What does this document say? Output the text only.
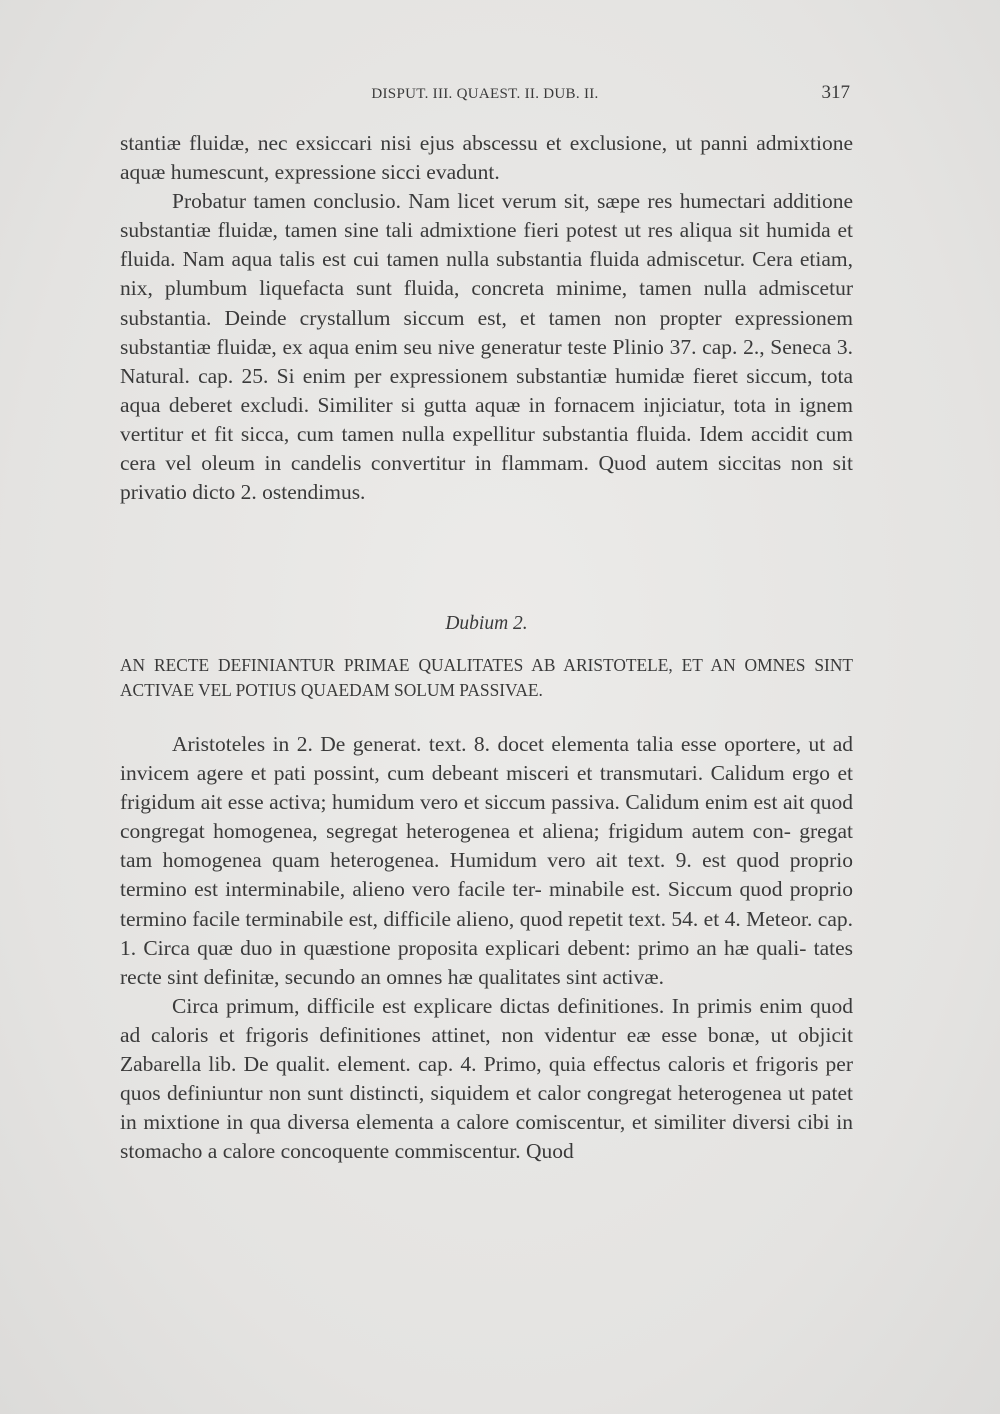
DISPUT. III. QUAEST. II. DUB. II.	317

stantiæ fluidæ, nec exsiccari nisi ejus abscessu et exclusione, ut panni admixtione aquæ humescunt, expressione sicci evadunt.

Probatur tamen conclusio. Nam licet verum sit, sæpe res humectari additione substantiæ fluidæ, tamen sine tali admixtione fieri potest ut res aliqua sit humida et fluida. Nam aqua talis est cui tamen nulla substantia fluida admiscetur. Cera etiam, nix, plumbum liquefacta sunt fluida, concreta minime, tamen nulla admiscetur substantia. Deinde crystallum siccum est, et tamen non propter expressionem substantiæ fluidæ, ex aqua enim seu nive generatur teste Plinio 37. cap. 2., Seneca 3. Natural. cap. 25. Si enim per expressionem substantiæ humidæ fieret siccum, tota aqua deberet excludi. Similiter si gutta aquæ in fornacem injiciatur, tota in ignem vertitur et fit sicca, cum tamen nulla expellitur substantia fluida. Idem accidit cum cera vel oleum in candelis convertitur in flammam. Quod autem siccitas non sit privatio dicto 2. ostendimus.

Dubium 2.
AN RECTE DEFINIANTUR PRIMAE QUALITATES AB ARISTOTELE, ET AN OMNES SINT ACTIVAE VEL POTIUS QUAEDAM SOLUM PASSIVAE.

Aristoteles in 2. De generat. text. 8. docet elementa talia esse oportere, ut ad invicem agere et pati possint, cum debeant misceri et transmutari. Calidum ergo et frigidum ait esse activa; humidum vero et siccum passiva. Calidum enim est ait quod congregat homogenea, segregat heterogenea et aliena; frigidum autem con- gregat tam homogenea quam heterogenea. Humidum vero ait text. 9. est quod proprio termino est interminabile, alieno vero facile ter- minabile est. Siccum quod proprio termino facile terminabile est, difficile alieno, quod repetit text. 54. et 4. Meteor. cap. 1. Circa quæ duo in quæstione proposita explicari debent: primo an hæ quali- tates recte sint definitæ, secundo an omnes hæ qualitates sint activæ.

Circa primum, difficile est explicare dictas definitiones. In primis enim quod ad caloris et frigoris definitiones attinet, non videntur eæ esse bonæ, ut objicit Zabarella lib. De qualit. element. cap. 4. Primo, quia effectus caloris et frigoris per quos definiuntur non sunt distincti, siquidem et calor congregat heterogenea ut patet in mixtione in qua diversa elementa a calore comiscentur, et similiter diversi cibi in stomacho a calore concoquente commiscentur. Quod
